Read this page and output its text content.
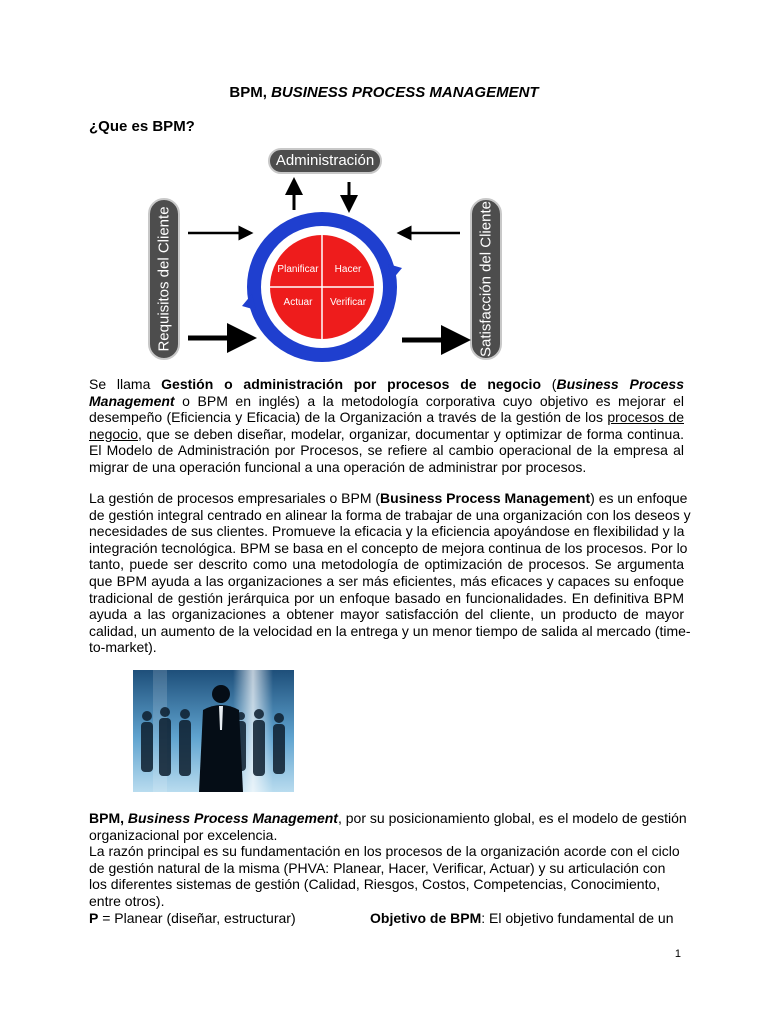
BPM, BUSINESS PROCESS MANAGEMENT
¿Que es BPM?
Administración
Requisitos del Cliente	Satisfacción del Cliente
Planificar	Hacer
Actuar	Verificar
Se llama Gestión o administración por procesos de negocio (Business Process
Management o BPM en inglés) a la metodología corporativa cuyo objetivo es mejorar el
desempeño (Eficiencia y Eficacia) de la Organización a través de la gestión de los procesos de
negocio, que se deben diseñar, modelar, organizar, documentar y optimizar de forma continua.
El Modelo de Administración por Procesos, se refiere al cambio operacional de la empresa al
migrar de una operación funcional a una operación de administrar por procesos.
La gestión de procesos empresariales o BPM (Business Process Management) es un enfoque
de gestión integral centrado en alinear la forma de trabajar de una organización con los deseos y
necesidades de sus clientes. Promueve la eficacia y la eficiencia apoyándose en flexibilidad y la
integración tecnológica. BPM se basa en el concepto de mejora continua de los procesos. Por lo
tanto, puede ser descrito como una metodología de optimización de procesos. Se argumenta
que BPM ayuda a las organizaciones a ser más eficientes, más eficaces y capaces su enfoque
tradicional de gestión jerárquica por un enfoque basado en funcionalidades. En definitiva BPM
ayuda a las organizaciones a obtener mayor satisfacción del cliente, un producto de mayor
calidad, un aumento de la velocidad en la entrega y un menor tiempo de salida al mercado (time-
to-market).
BPM, Business Process Management, por su posicionamiento global, es el modelo de gestión
organizacional por excelencia.
La razón principal es su fundamentación en los procesos de la organización acorde con el ciclo
de gestión natural de la misma (PHVA: Planear, Hacer, Verificar, Actuar) y su articulación con
los diferentes sistemas de gestión (Calidad, Riesgos, Costos, Competencias, Conocimiento,
entre otros).
P = Planear (diseñar, estructurar)	Objetivo de BPM: El objetivo fundamental de un
1
